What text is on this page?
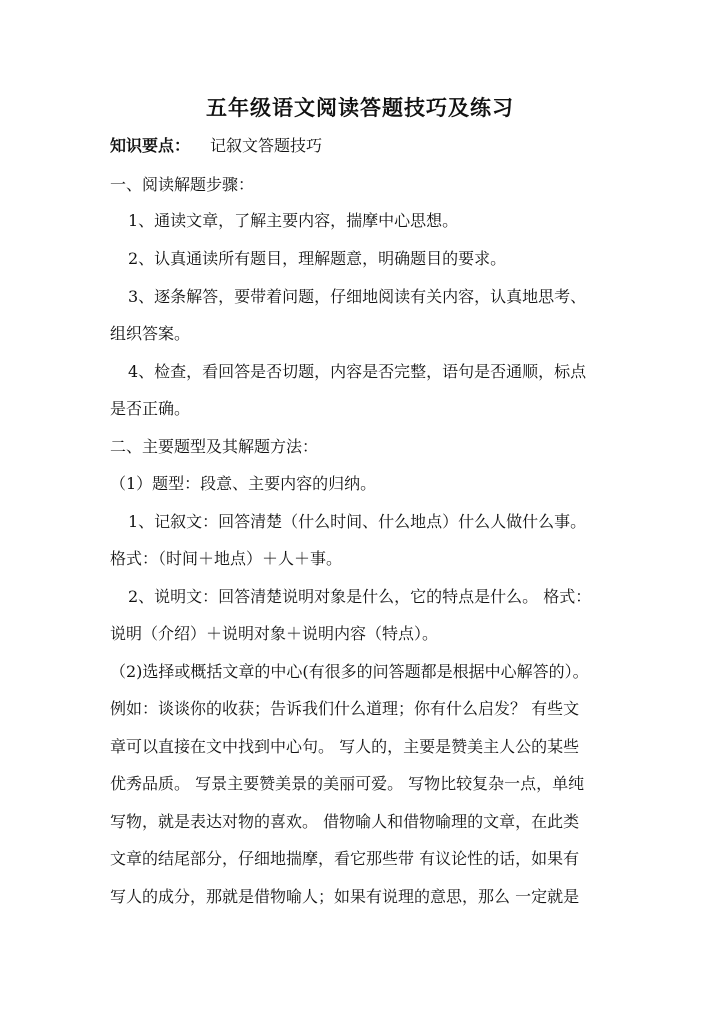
五年级语文阅读答题技巧及练习
知识要点： 记叙文答题技巧
一、阅读解题步骤：
1、通读文章，了解主要内容，揣摩中心思想。
2、认真通读所有题目，理解题意，明确题目的要求。
3、逐条解答，要带着问题，仔细地阅读有关内容，认真地思考、
组织答案。
4、检查，看回答是否切题，内容是否完整，语句是否通顺，标点
是否正确。
二、主要题型及其解题方法：
（1）题型：段意、主要内容的归纳。
1、记叙文：回答清楚（什么时间、什么地点）什么人做什么事。
格式：（时间＋地点）＋人＋事。
2、说明文：回答清楚说明对象是什么，它的特点是什么。 格式：
说明（介绍）＋说明对象＋说明内容（特点）。
（2)选择或概括文章的中心(有很多的问答题都是根据中心解答的）。
例如：谈谈你的收获；告诉我们什么道理；你有什么启发？ 有些文
章可以直接在文中找到中心句。 写人的，主要是赞美主人公的某些
优秀品质。 写景主要赞美景的美丽可爱。 写物比较复杂一点，单纯
写物，就是表达对物的喜欢。 借物喻人和借物喻理的文章，在此类
文章的结尾部分，仔细地揣摩，看它那些带 有议论性的话，如果有
写人的成分，那就是借物喻人；如果有说理的意思，那么 一定就是
